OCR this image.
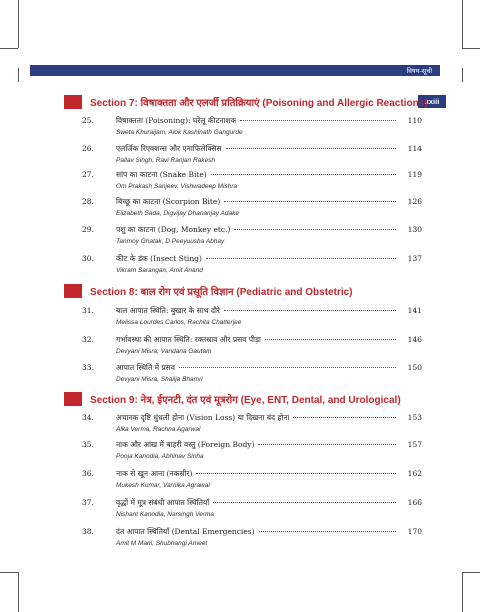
विषय-सूची
xxiii
Section 7: विषाक्तता और एलर्जी प्रतिक्रियाएं (Poisoning and Allergic Reactions)
25.	विषाक्तता (Poisoning): घरेलू कीटनाशक	110
Sweta Khuraijam, Alok Kashinath Gangurde
26.	एलर्जिक रिएक्शन्स और एनाफिलेक्सिस	114
Pallav Singh, Ravi Ranjan Rakesh
27.	सांप का काटना (Snake Bite)	119
Om Prakash Sanjeev, Vishwadeep Mishra
28.	बिच्छू का काटना (Scorpion Bite)	126
Elizabeth Sada, Digvijay Dhananjay Adake
29.	पशु का काटना (Dog, Monkey etc.)	130
Tanmoy Ghatak, D Peeyuusha Abhay
30.	कीट के डंक (Insect Sting)	137
Vikram Sarangan, Amit Anand
Section 8: बाल रोग एवं प्रसूति विज्ञान (Pediatric and Obstetric)
31.	बाल आपात स्थिति: बुखार के साथ दौरे	141
Melissa Lourdes Carlos, Rachita Chatterjee
32.	गर्भावस्था की आपात स्थिति: रक्तस्राव और प्रसव पीड़ा	146
Devyani Misra, Vandana Gautam
33.	आपात स्थिति में प्रसव	150
Devyani Misra, Shailja Bhamri
Section 9: नेत्र, ईएनटी, दंत एवं मूत्ररोग (Eye, ENT, Dental, and Urological)
34.	अचानक दृष्टि धुंधली होना (Vision Loss) या दिखना बंद होना	153
Alka Verma, Rachna Agarwal
35.	नाक और आंख में बाहरी वस्तु (Foreign Body)	157
Pooja Kanodia, Abhinav Sinha
36.	नाक से खून आना (नकसीर)	162
Mukesh Kumar, Varnika Agrawal
37.	वृद्धों में मूत्र संबंधी आपात स्थितियाँ	166
Nishant Kanodia, Narsingh Verma
38.	दंत आपात स्थितियाँ (Dental Emergencies)	170
Amit M Mani, Shubhangi Ameet
